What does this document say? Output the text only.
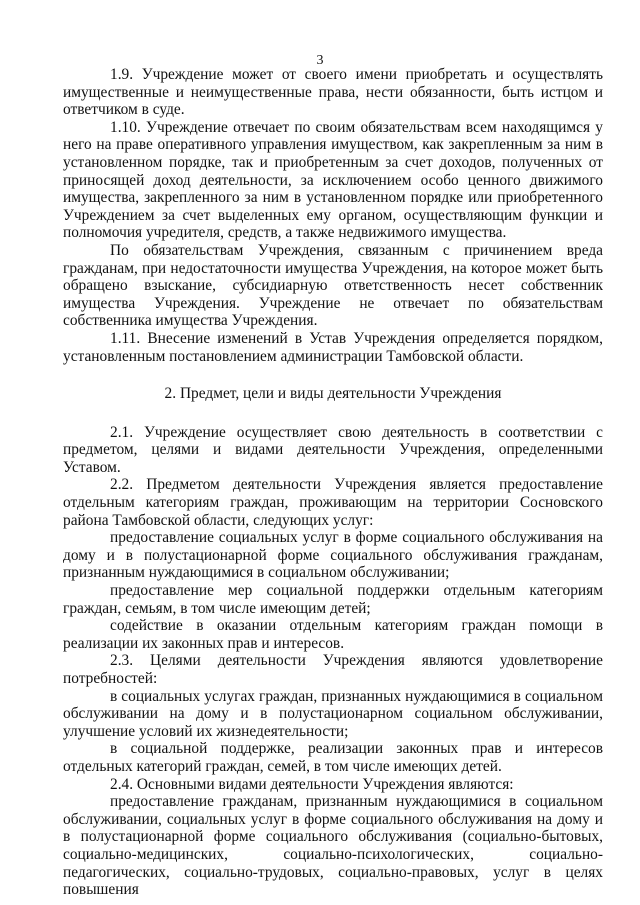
3

1.9. Учреждение может от своего имени приобретать и осуществлять имущественные и неимущественные права, нести обязанности, быть истцом и ответчиком в суде.

1.10. Учреждение отвечает по своим обязательствам всем находящимся у него на праве оперативного управления имуществом, как закрепленным за ним в установленном порядке, так и приобретенным за счет доходов, полученных от приносящей доход деятельности, за исключением особо ценного движимого имущества, закрепленного за ним в установленном порядке или приобретенного Учреждением за счет выделенных ему органом, осуществляющим функции и полномочия учредителя, средств, а также недвижимого имущества.

По обязательствам Учреждения, связанным с причинением вреда гражданам, при недостаточности имущества Учреждения, на которое может быть обращено взыскание, субсидиарную ответственность несет собственник имущества Учреждения. Учреждение не отвечает по обязательствам собственника имущества Учреждения.

1.11. Внесение изменений в Устав Учреждения определяется порядком, установленным постановлением администрации Тамбовской области.

2. Предмет, цели и виды деятельности Учреждения

2.1. Учреждение осуществляет свою деятельность в соответствии с предметом, целями и видами деятельности Учреждения, определенными Уставом.

2.2. Предметом деятельности Учреждения является предоставление отдельным категориям граждан, проживающим на территории Сосновского района Тамбовской области, следующих услуг:

предоставление социальных услуг в форме социального обслуживания на дому и в полустационарной форме социального обслуживания гражданам, признанным нуждающимися в социальном обслуживании;

предоставление мер социальной поддержки отдельным категориям граждан, семьям, в том числе имеющим детей;

содействие в оказании отдельным категориям граждан помощи в реализации их законных прав и интересов.

2.3. Целями деятельности Учреждения являются удовлетворение потребностей:

в социальных услугах граждан, признанных нуждающимися в социальном обслуживании на дому и в полустационарном социальном обслуживании, улучшение условий их жизнедеятельности;

в социальной поддержке, реализации законных прав и интересов отдельных категорий граждан, семей, в том числе имеющих детей.

2.4. Основными видами деятельности Учреждения являются:

предоставление гражданам, признанным нуждающимися в социальном обслуживании, социальных услуг в форме социального обслуживания на дому и в полустационарной форме социального обслуживания (социально-бытовых, социально-медицинских, социально-психологических, социально-педагогических, социально-трудовых, социально-правовых, услуг в целях повышения
